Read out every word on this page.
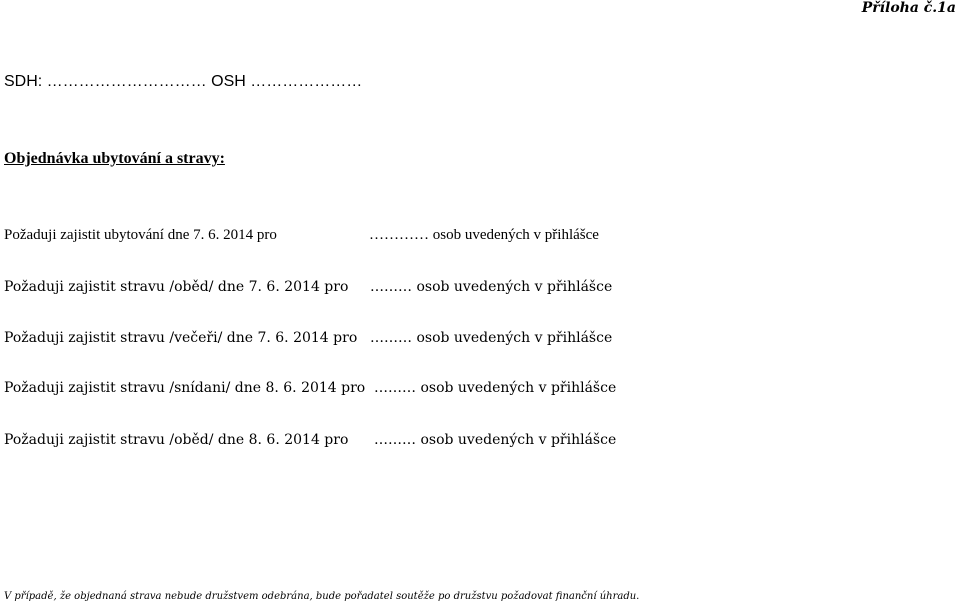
Příloha č.1a
SDH: ………………………… OSH …………………
Objednávka ubytování a stravy:
Požaduji zajistit ubytování dne 7. 6. 2014 pro	………… osob uvedených v přihlášce
Požaduji zajistit stravu /oběd/ dne 7. 6. 2014 pro ……… osob uvedených v přihlášce
Požaduji zajistit stravu /večeři/ dne 7. 6. 2014 pro ……… osob uvedených v přihlášce
Požaduji zajistit stravu /snídani/ dne 8. 6. 2014 pro ……… osob uvedených v přihlášce
Požaduji zajistit stravu /oběd/ dne 8. 6. 2014 pro ……… osob uvedených v přihlášce
V případě, že objednaná strava nebude družstvem odebrána, bude pořadatel soutěže po družstvu požadovat finanční úhradu.
